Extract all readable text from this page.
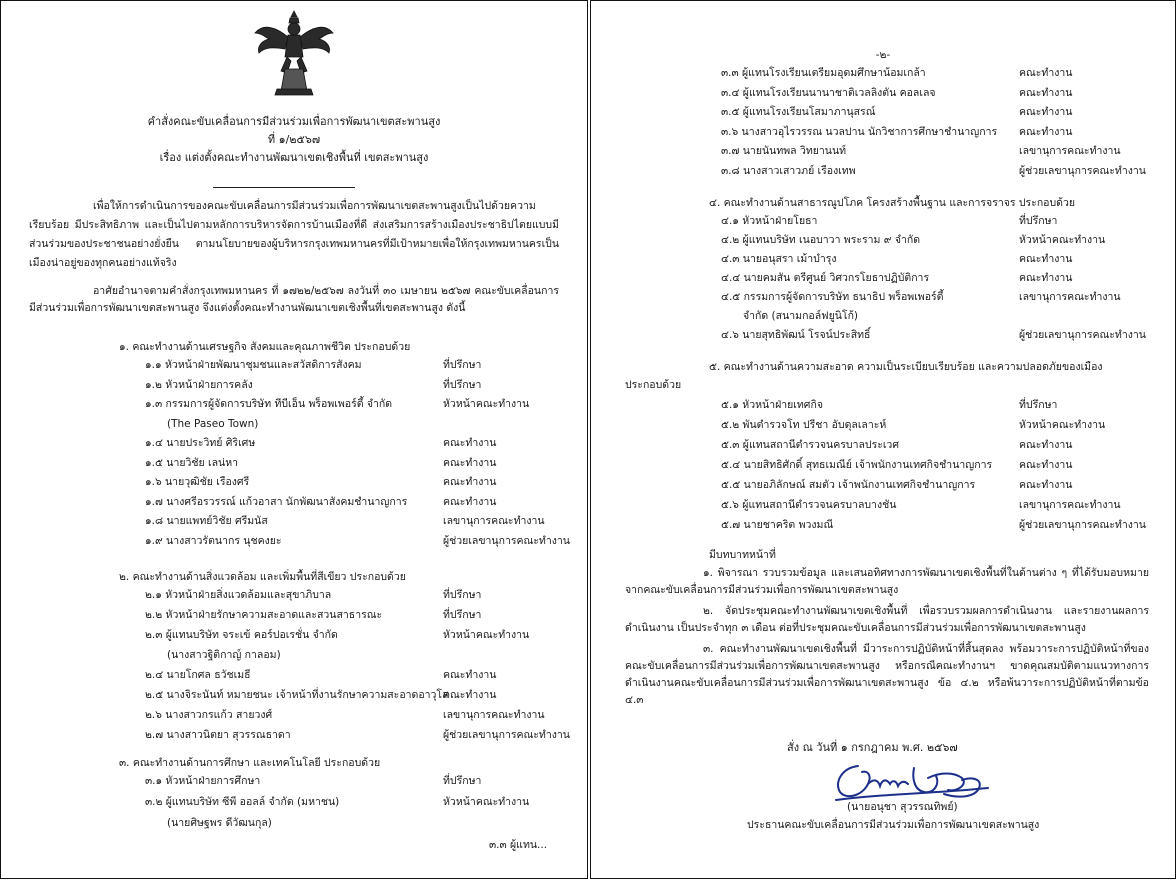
คำสั่งคณะขับเคลื่อนการมีส่วนร่วมเพื่อการพัฒนาเขตสะพานสูง
ที่ ๑/๒๕๖๗
เรื่อง แต่งตั้งคณะทำงานพัฒนาเขตเชิงพื้นที่ เขตสะพานสูง
เพื่อให้การดำเนินการของคณะขับเคลื่อนการมีส่วนร่วมเพื่อการพัฒนาเขตสะพานสูงเป็นไปด้วยความเรียบร้อย มีประสิทธิภาพ และเป็นไปตามหลักการบริหารจัดการบ้านเมืองที่ดี ส่งเสริมการสร้างเมืองประชาธิปไตยแบบมีส่วนร่วมของประชาชนอย่างยั่งยืน ตามนโยบายของผู้บริหารกรุงเทพมหานครที่มีเป้าหมายเพื่อให้กรุงเทพมหานครเป็นเมืองน่าอยู่ของทุกคนอย่างแท้จริง
อาศัยอำนาจตามคำสั่งกรุงเทพมหานคร ที่ ๑๗๒๒/๒๕๖๗ ลงวันที่ ๓๐ เมษายน ๒๕๖๗ คณะขับเคลื่อนการมีส่วนร่วมเพื่อการพัฒนาเขตสะพานสูง จึงแต่งตั้งคณะทำงานพัฒนาเขตเชิงพื้นที่เขตสะพานสูง ดังนี้
๑. คณะทำงานด้านเศรษฐกิจ สังคมและคุณภาพชีวิต ประกอบด้วย
๑.๑ หัวหน้าฝ่ายพัฒนาชุมชนและสวัสดิการสังคม	ที่ปรึกษา
๑.๒ หัวหน้าฝ่ายการคลัง	ที่ปรึกษา
๑.๓ กรรมการผู้จัดการบริษัท ทีบีเอ็น พร็อพเพอร์ตี้ จำกัด	หัวหน้าคณะทำงาน
(The Paseo Town)
๑.๔ นายประวิทย์ ศิริเศษ	คณะทำงาน
๑.๕ นายวิชัย เลน่หา	คณะทำงาน
๑.๖ นายวุฒิชัย เรืองศรี	คณะทำงาน
๑.๗ นางศรีอรวรรณ์ แก้วอาสา นักพัฒนาสังคมชำนาญการ	คณะทำงาน
๑.๘ นายแพทย์วิชัย ศรีมนัส	เลขานุการคณะทำงาน
๑.๙ นางสาวรัตนากร นุชคงยะ	ผู้ช่วยเลขานุการคณะทำงาน
๒. คณะทำงานด้านสิ่งแวดล้อม และเพิ่มพื้นที่สีเขียว ประกอบด้วย
๒.๑ หัวหน้าฝ่ายสิ่งแวดล้อมและสุขาภิบาล	ที่ปรึกษา
๒.๒ หัวหน้าฝ่ายรักษาความสะอาดและสวนสาธารณะ	ที่ปรึกษา
๒.๓ ผู้แทนบริษัท จระเข้ คอร์ปอเรชั่น จำกัด	หัวหน้าคณะทำงาน
(นางสาวฐิติกาญ์ กาลอม)
๒.๔ นายโกศล ธวัชเมธี	คณะทำงาน
๒.๕ นางจิระนันท์ หมายชนะ เจ้าหน้าที่งานรักษาความสะอาดอาวุโส
คณะทำงาน
๒.๖ นางสาวกรแก้ว สายวงศ์	เลขานุการคณะทำงาน
๒.๗ นางสาวนิตยา สุวรรณธาดา	ผู้ช่วยเลขานุการคณะทำงาน
๓. คณะทำงานด้านการศึกษา และเทคโนโลยี ประกอบด้วย
๓.๑ หัวหน้าฝ่ายการศึกษา	ที่ปรึกษา
๓.๒ ผู้แทนบริษัท ซีพี ออลล์ จำกัด (มหาชน)	หัวหน้าคณะทำงาน
(นายศิษฐพร ดีวัฒนกุล)
๓.๓ ผู้แทน...
-๒-
๓.๓ ผู้แทนโรงเรียนเตรียมอุดมศึกษาน้อมเกล้า	คณะทำงาน
๓.๔ ผู้แทนโรงเรียนนานาชาติเวลลิงตัน คอลเลจ	คณะทำงาน
๓.๕ ผู้แทนโรงเรียนโสมาภานุสรณ์	คณะทำงาน
๓.๖ นางสาวอุไรวรรณ นวลปาน นักวิชาการศึกษาชำนาญการ คณะทำงาน
๓.๗ นายนันทพล วิทยานนท์	เลขานุการคณะทำงาน
๓.๘ นางสาวเสาวภย์ เรืองเทพ	ผู้ช่วยเลขานุการคณะทำงาน
๔. คณะทำงานด้านสาธารณูปโภค โครงสร้างพื้นฐาน และการจราจร ประกอบด้วย
๔.๑ หัวหน้าฝ่ายโยธา	ที่ปรึกษา
๔.๒ ผู้แทนบริษัท เนอบาวา พระราม ๙ จำกัด	หัวหน้าคณะทำงาน
๔.๓ นายอนุสรา เม้าบำรุง	คณะทำงาน
๔.๔ นายคมสัน ตรีศูนย์ วิศวกรโยธาปฏิบัติการ	คณะทำงาน
๔.๕ กรรมการผู้จัดการบริษัท ธนาธิป พร็อพเพอร์ตี้	เลขานุการคณะทำงาน
จำกัด (สนามกอล์ฟยูนิโก้)
๔.๖ นายสุทธิพัฒน์ โรจน์ประสิทธิ์	ผู้ช่วยเลขานุการคณะทำงาน
๕. คณะทำงานด้านความสะอาด ความเป็นระเบียบเรียบร้อย และความปลอดภัยของเมือง
ประกอบด้วย
๕.๑ หัวหน้าฝ่ายเทศกิจ	ที่ปรึกษา
๕.๒ พันตำรวจโท ปรีชา อับดุลเลาะห์	หัวหน้าคณะทำงาน
๕.๓ ผู้แทนสถานีตำรวจนครบาลประเวศ	คณะทำงาน
๕.๔ นายสิทธิศักดิ์ สุทธเมณีย์ เจ้าพนักงานเทศกิจชำนาญการ	คณะทำงาน
๕.๕ นายอภิลักษณ์ สมตัว เจ้าพนักงานเทศกิจชำนาญการ	คณะทำงาน
๕.๖ ผู้แทนสถานีตำรวจนครบาลบางชัน	เลขานุการคณะทำงาน
๕.๗ นายชาคริต พวงมณี	ผู้ช่วยเลขานุการคณะทำงาน
มีบทบาทหน้าที่
๑. พิจารณา รวบรวมข้อมูล และเสนอทิศทางการพัฒนาเขตเชิงพื้นที่ในด้านต่าง ๆ ที่ได้รับมอบหมายจากคณะขับเคลื่อนการมีส่วนร่วมเพื่อการพัฒนาเขตสะพานสูง
๒. จัดประชุมคณะทำงานพัฒนาเขตเชิงพื้นที่ เพื่อรวบรวมผลการดำเนินงาน และรายงานผลการดำเนินงาน เป็นประจำทุก ๓ เดือน ต่อที่ประชุมคณะขับเคลื่อนการมีส่วนร่วมเพื่อการพัฒนาเขตสะพานสูง
๓. คณะทำงานพัฒนาเขตเชิงพื้นที่ มีวาระการปฏิบัติหน้าที่สิ้นสุดลง พร้อมวาระการปฏิบัติหน้าที่ของคณะขับเคลื่อนการมีส่วนร่วมเพื่อการพัฒนาเขตสะพานสูง หรือกรณีคณะทำงานฯ ขาดคุณสมบัติตามแนวทางการดำเนินงานคณะขับเคลื่อนการมีส่วนร่วมเพื่อการพัฒนาเขตสะพานสูง ข้อ ๔.๒ หรือพ้นวาระการปฏิบัติหน้าที่ตามข้อ ๔.๓
สั่ง ณ วันที่ ๑ กรกฎาคม พ.ศ. ๒๕๖๗
(นายอนุชา สุวรรณทิพย์)
ประธานคณะขับเคลื่อนการมีส่วนร่วมเพื่อการพัฒนาเขตสะพานสูง
